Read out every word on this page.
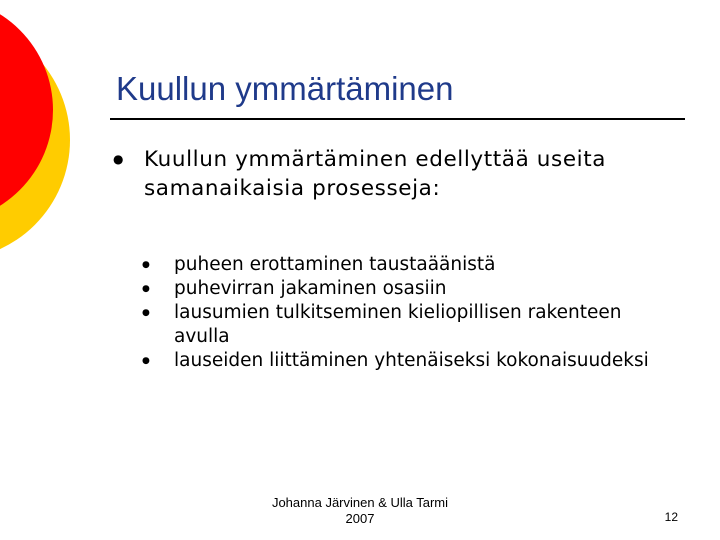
Kuullun ymmärtäminen
● Kuullun ymmärtäminen edellyttää useita samanaikaisia prosesseja:
● puheen erottaminen taustaäänistä
● puhevirran jakaminen osasiin
● lausumien tulkitseminen kieliopillisen rakenteen avulla
● lauseiden liittäminen yhtenäiseksi kokonaisuudeksi
Johanna Järvinen & Ulla Tarmi
2007	12
